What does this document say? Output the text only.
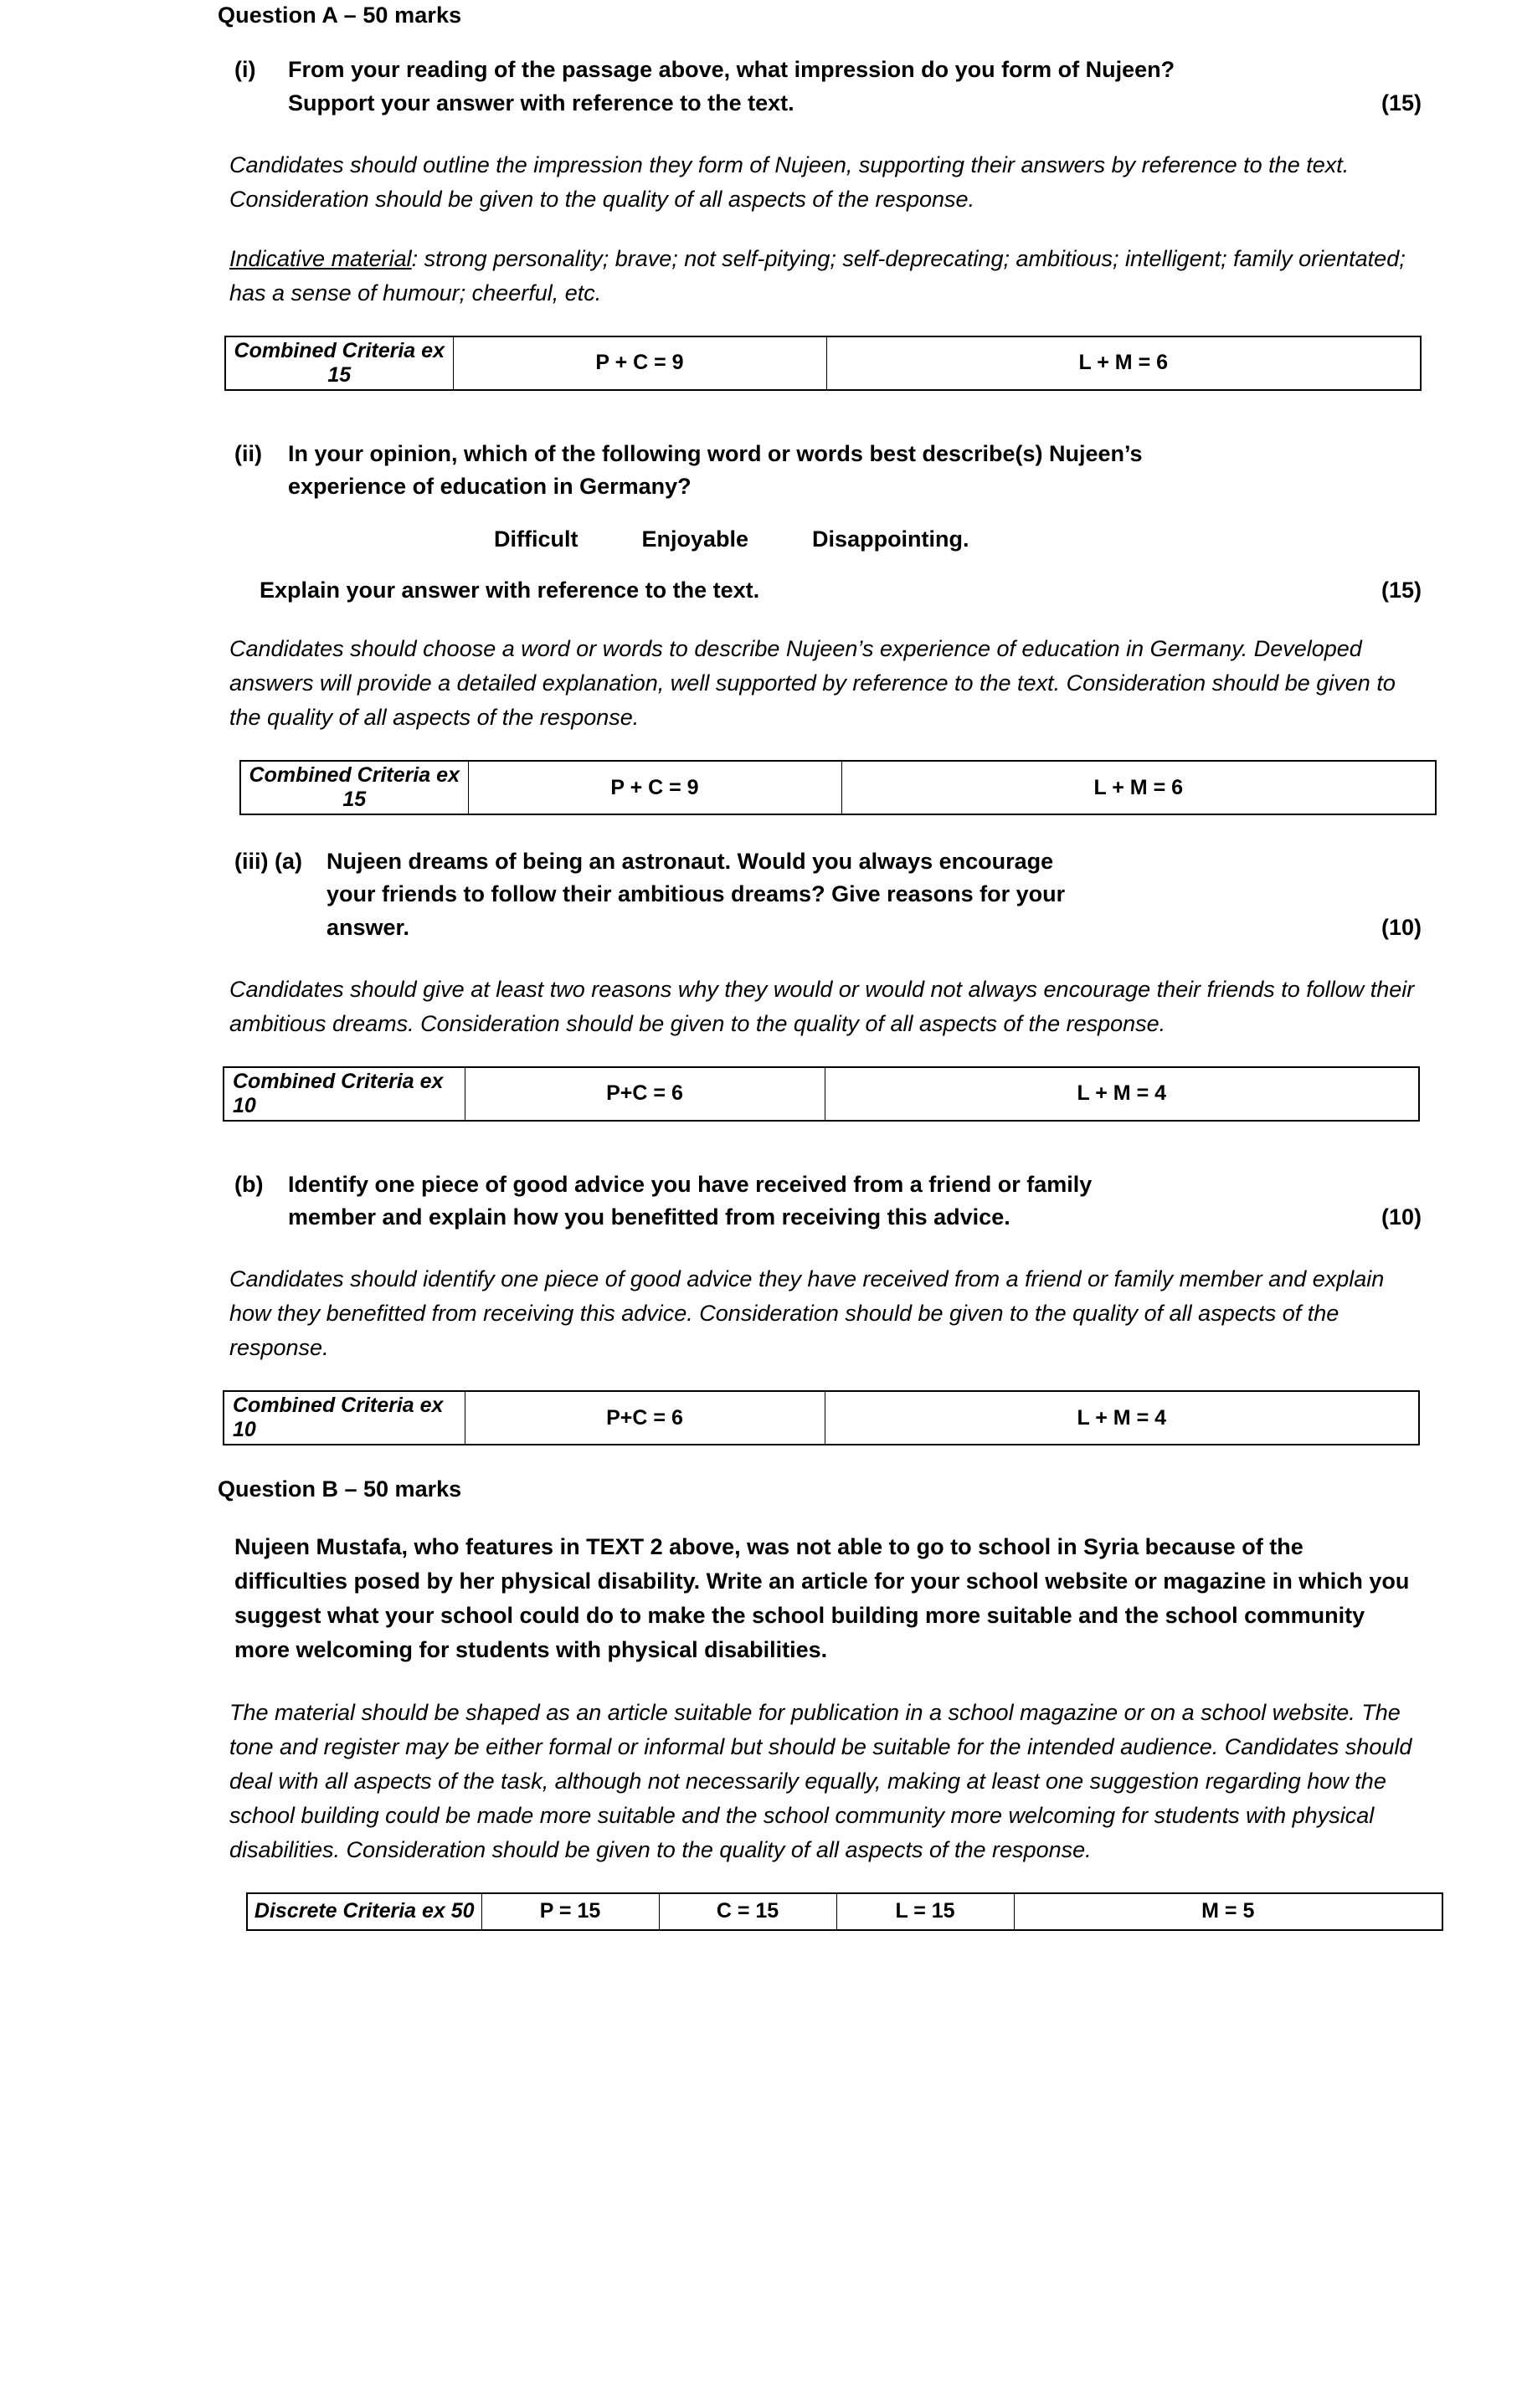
Question A – 50 marks
(i)	From your reading of the passage above, what impression do you form of Nujeen?
Support your answer with reference to the text.	(15)
Candidates should outline the impression they form of Nujeen, supporting their answers by reference to the text. Consideration should be given to the quality of all aspects of the response.
Indicative material: strong personality; brave; not self-pitying; self-deprecating; ambitious; intelligent; family orientated; has a sense of humour; cheerful, etc.
Combined Criteria ex 15	P + C = 9	L + M = 6
(ii)	In your opinion, which of the following word or words best describe(s) Nujeen’s
experience of education in Germany?
Difficult	Enjoyable	Disappointing.
Explain your answer with reference to the text.	(15)
Candidates should choose a word or words to describe Nujeen’s experience of education in Germany. Developed answers will provide a detailed explanation, well supported by reference to the text. Consideration should be given to the quality of all aspects of the response.
Combined Criteria ex 15	P + C = 9	L + M = 6
(iii) (a)	Nujeen dreams of being an astronaut. Would you always encourage
your friends to follow their ambitious dreams? Give reasons for your
answer.	(10)
Candidates should give at least two reasons why they would or would not always encourage their friends to follow their ambitious dreams. Consideration should be given to the quality of all aspects of the response.
Combined Criteria ex 10	P+C = 6	L + M = 4
(b)	Identify one piece of good advice you have received from a friend or family
member and explain how you benefitted from receiving this advice.	(10)
Candidates should identify one piece of good advice they have received from a friend or family member and explain how they benefitted from receiving this advice. Consideration should be given to the quality of all aspects of the response.
Combined Criteria ex 10	P+C = 6	L + M = 4
Question B – 50 marks
Nujeen Mustafa, who features in TEXT 2 above, was not able to go to school in Syria because of the difficulties posed by her physical disability. Write an article for your school website or magazine in which you suggest what your school could do to make the school building more suitable and the school community more welcoming for students with physical disabilities.
The material should be shaped as an article suitable for publication in a school magazine or on a school website. The tone and register may be either formal or informal but should be suitable for the intended audience. Candidates should deal with all aspects of the task, although not necessarily equally, making at least one suggestion regarding how the school building could be made more suitable and the school community more welcoming for students with physical disabilities. Consideration should be given to the quality of all aspects of the response.
Discrete Criteria ex 50	P = 15	C = 15	L = 15	M = 5
